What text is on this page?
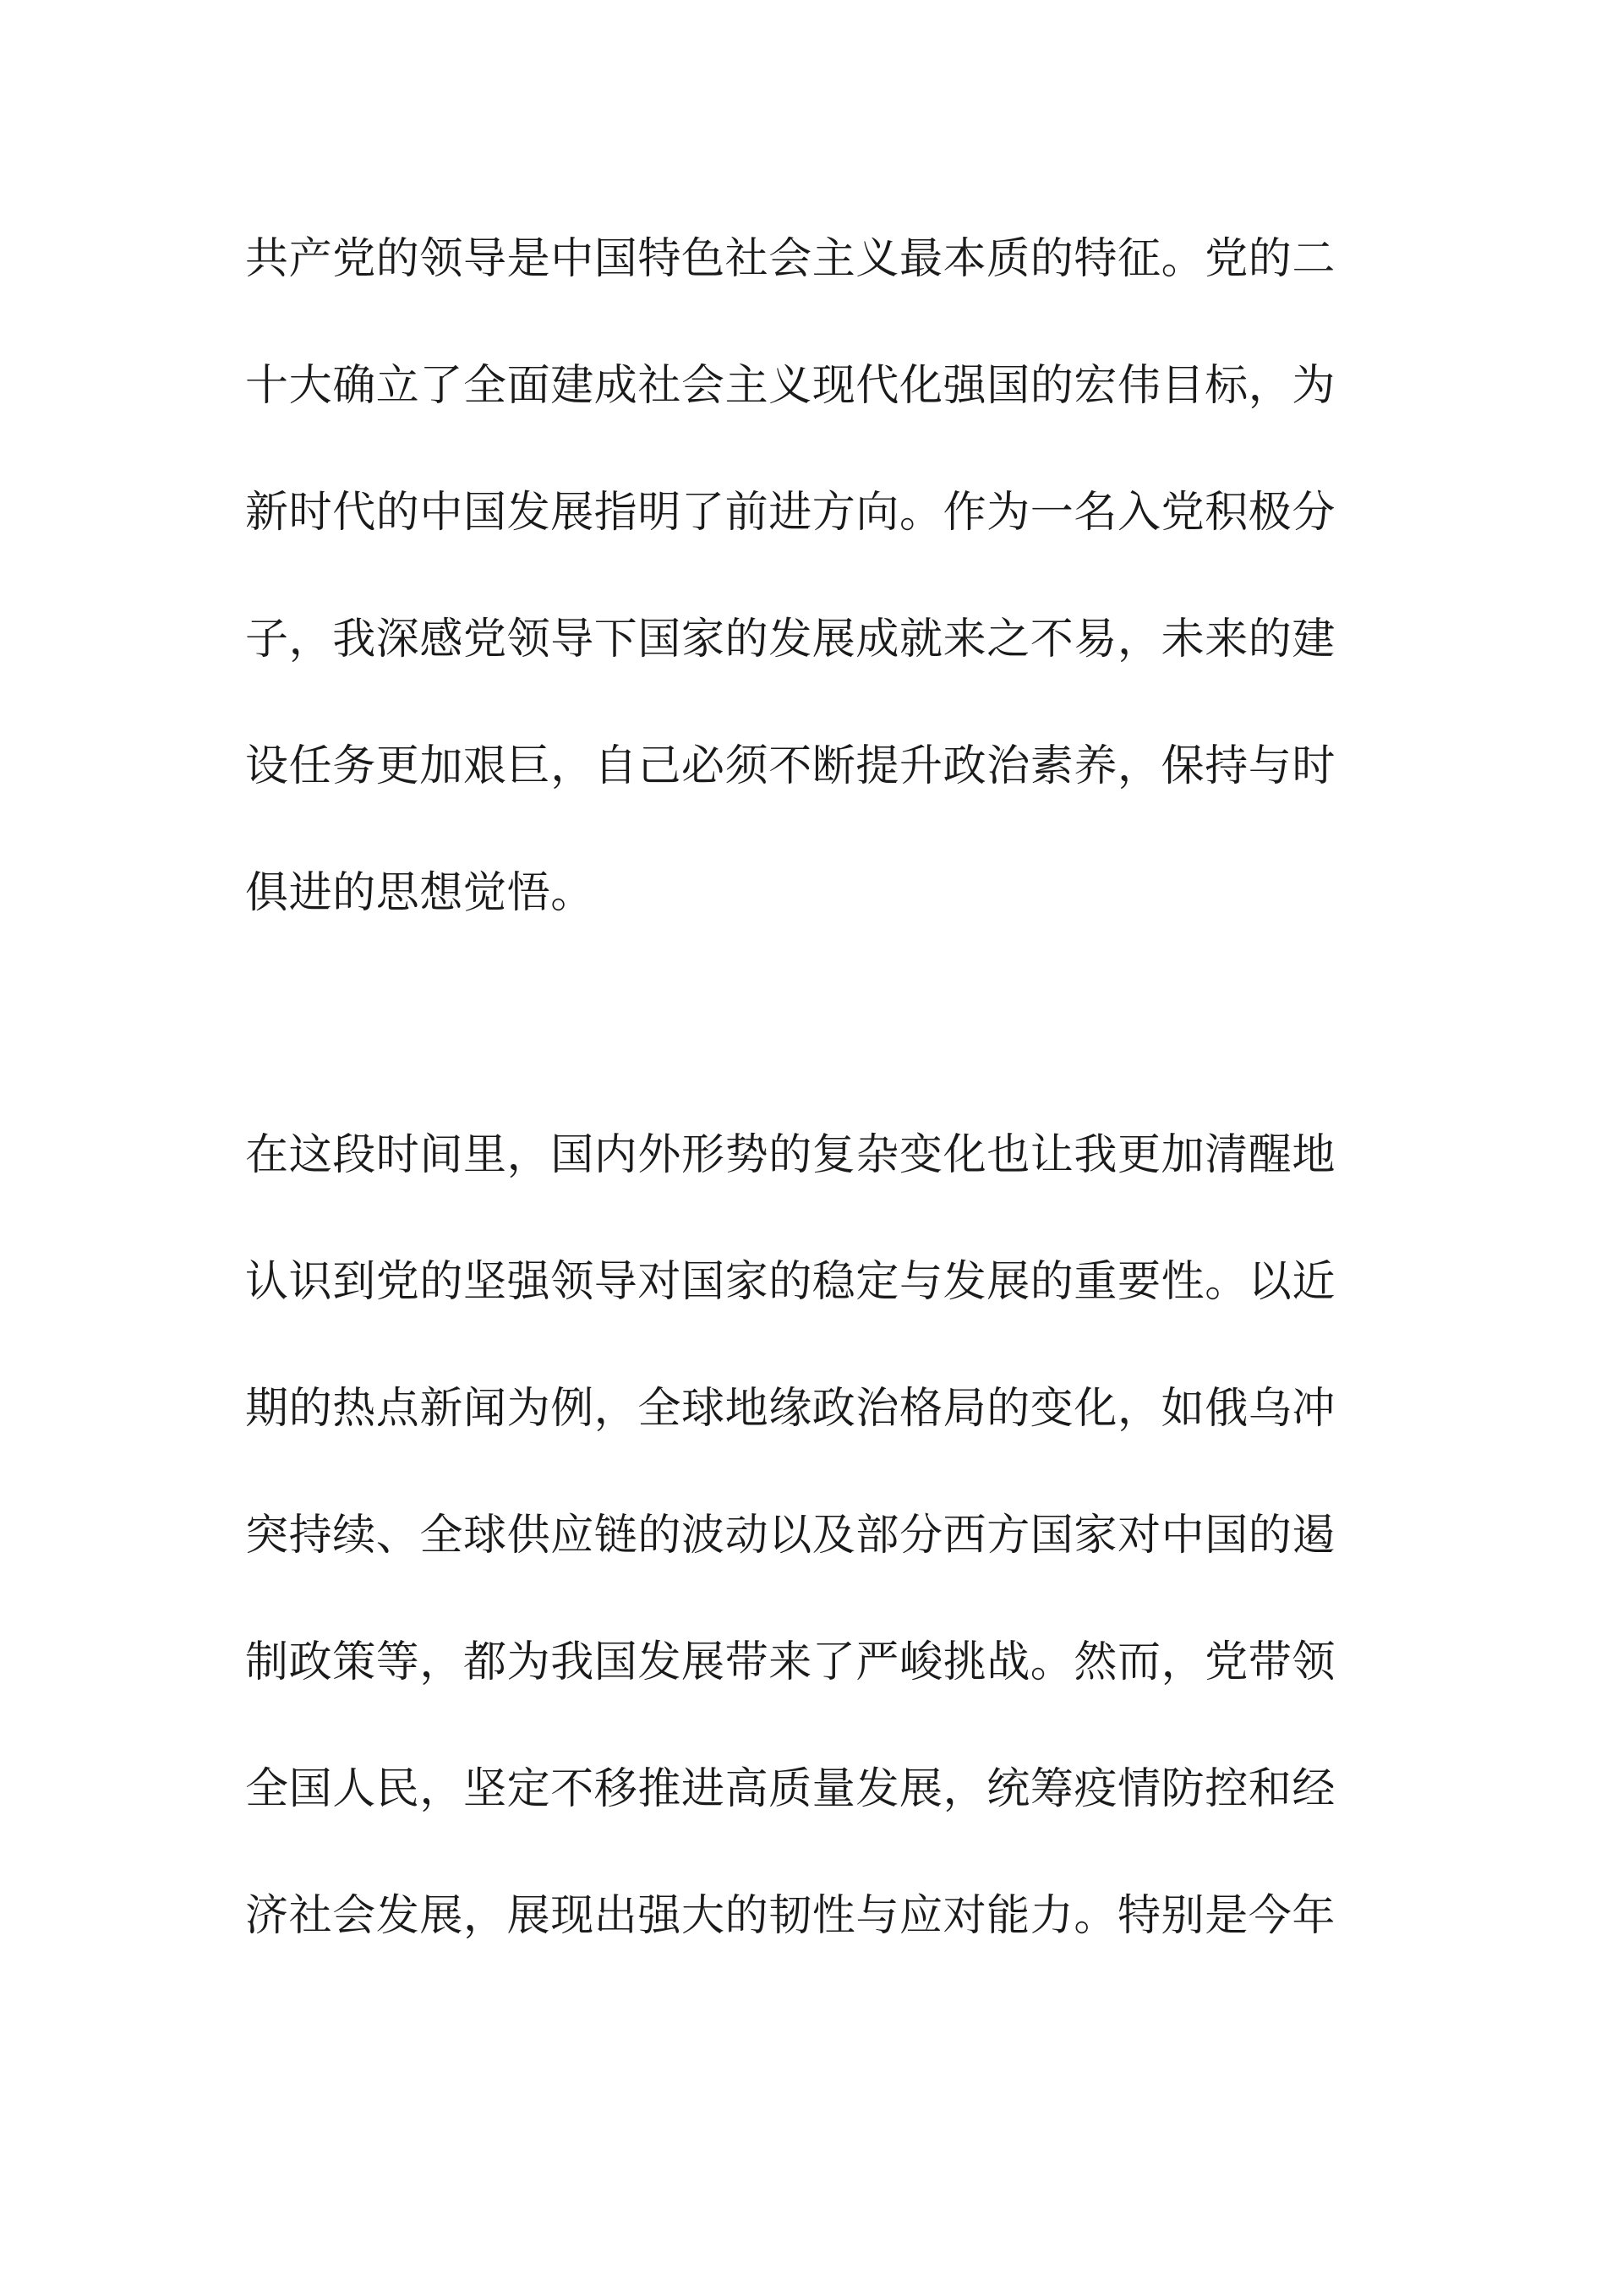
共产党的领导是中国特色社会主义最本质的特征。党的二

十大确立了全面建成社会主义现代化强国的宏伟目标，为

新时代的中国发展指明了前进方向。作为一名入党积极分

子，我深感党领导下国家的发展成就来之不易，未来的建

设任务更加艰巨，自己必须不断提升政治素养，保持与时

俱进的思想觉悟。

在这段时间里，国内外形势的复杂变化也让我更加清醒地

认识到党的坚强领导对国家的稳定与发展的重要性。以近

期的热点新闻为例，全球地缘政治格局的变化，如俄乌冲

突持续、全球供应链的波动以及部分西方国家对中国的遏

制政策等，都为我国发展带来了严峻挑战。然而，党带领

全国人民，坚定不移推进高质量发展，统筹疫情防控和经

济社会发展，展现出强大的韧性与应对能力。特别是今年
